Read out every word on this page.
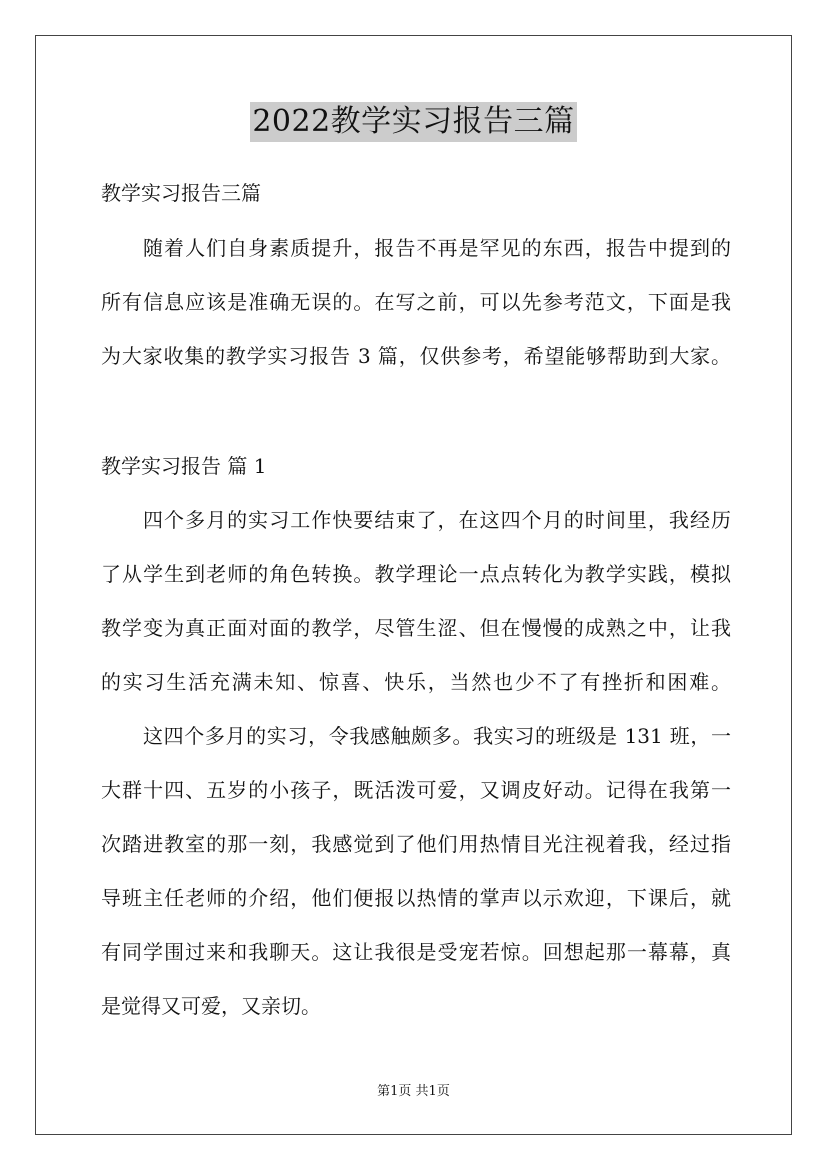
2022教学实习报告三篇
教学实习报告三篇
随着人们自身素质提升，报告不再是罕见的东西，报告中提到的
所有信息应该是准确无误的。在写之前，可以先参考范文，下面是我
为大家收集的教学实习报告 3 篇，仅供参考，希望能够帮助到大家。
教学实习报告 篇 1
四个多月的实习工作快要结束了，在这四个月的时间里，我经历
了从学生到老师的角色转换。教学理论一点点转化为教学实践，模拟
教学变为真正面对面的教学，尽管生涩、但在慢慢的成熟之中，让我
的实习生活充满未知、惊喜、快乐，当然也少不了有挫折和困难。
这四个多月的实习，令我感触颇多。我实习的班级是 131 班，一
大群十四、五岁的小孩子，既活泼可爱，又调皮好动。记得在我第一
次踏进教室的那一刻，我感觉到了他们用热情目光注视着我，经过指
导班主任老师的介绍，他们便报以热情的掌声以示欢迎，下课后，就
有同学围过来和我聊天。这让我很是受宠若惊。回想起那一幕幕，真
是觉得又可爱，又亲切。
第1页 共1页
